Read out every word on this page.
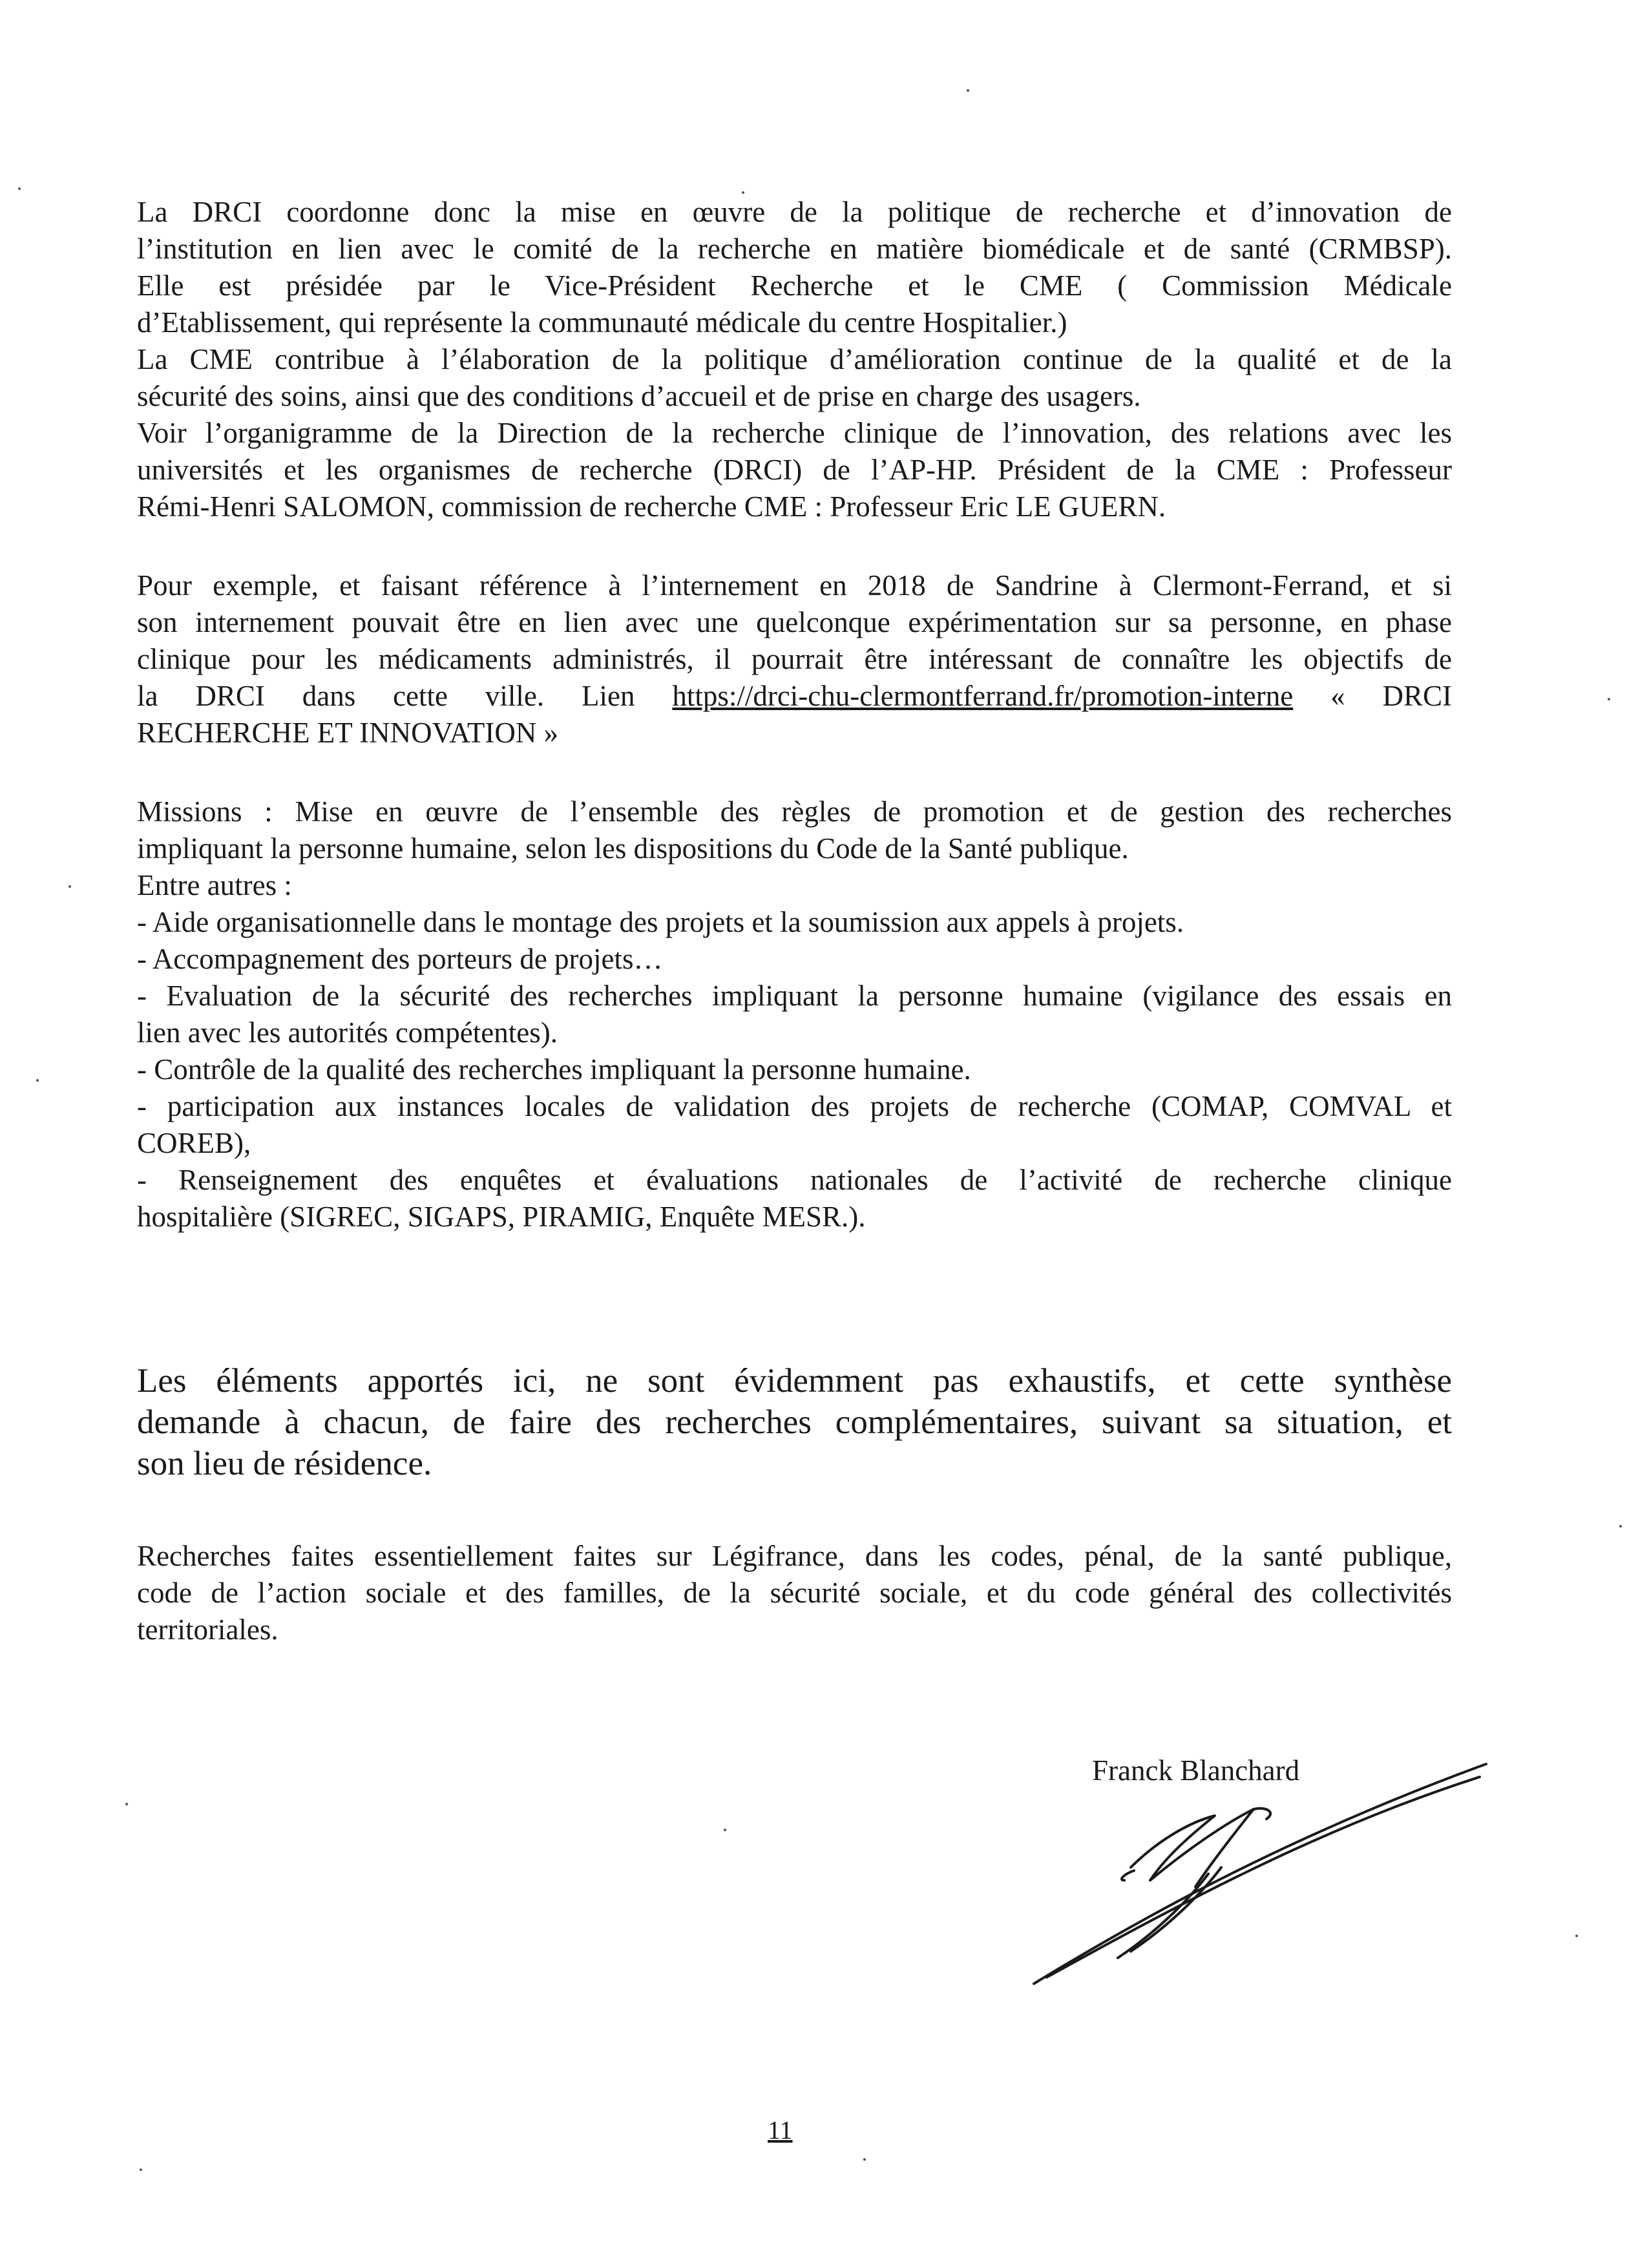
La DRCI coordonne donc la mise en œuvre de la politique de recherche et d’innovation de
l’institution en lien avec le comité de la recherche en matière biomédicale et de santé (CRMBSP).
Elle est présidée par le Vice-Président Recherche et le CME ( Commission Médicale
d’Etablissement, qui représente la communauté médicale du centre Hospitalier.)
La CME contribue à l’élaboration de la politique d’amélioration continue de la qualité et de la
sécurité des soins, ainsi que des conditions d’accueil et de prise en charge des usagers.
Voir l’organigramme de la Direction de la recherche clinique de l’innovation, des relations avec les
universités et les organismes de recherche (DRCI) de l’AP-HP. Président de la CME : Professeur
Rémi-Henri SALOMON, commission de recherche CME : Professeur Eric LE GUERN.
Pour exemple, et faisant référence à l’internement en 2018 de Sandrine à Clermont-Ferrand, et si
son internement pouvait être en lien avec une quelconque expérimentation sur sa personne, en phase
clinique pour les médicaments administrés, il pourrait être intéressant de connaître les objectifs de
la DRCI dans cette ville. Lien https://drci-chu-clermontferrand.fr/promotion-interne « DRCI
RECHERCHE ET INNOVATION »
Missions : Mise en œuvre de l’ensemble des règles de promotion et de gestion des recherches
impliquant la personne humaine, selon les dispositions du Code de la Santé publique.
Entre autres :
- Aide organisationnelle dans le montage des projets et la soumission aux appels à projets.
- Accompagnement des porteurs de projets…
- Evaluation de la sécurité des recherches impliquant la personne humaine (vigilance des essais en
lien avec les autorités compétentes).
- Contrôle de la qualité des recherches impliquant la personne humaine.
- participation aux instances locales de validation des projets de recherche (COMAP, COMVAL et
COREB),
- Renseignement des enquêtes et évaluations nationales de l’activité de recherche clinique
hospitalière (SIGREC, SIGAPS, PIRAMIG, Enquête MESR.).
Les éléments apportés ici, ne sont évidemment pas exhaustifs, et cette synthèse
demande à chacun, de faire des recherches complémentaires, suivant sa situation, et
son lieu de résidence.
Recherches faites essentiellement faites sur Légifrance, dans les codes, pénal, de la santé publique,
code de l’action sociale et des familles, de la sécurité sociale, et du code général des collectivités
territoriales.
Franck Blanchard
11
